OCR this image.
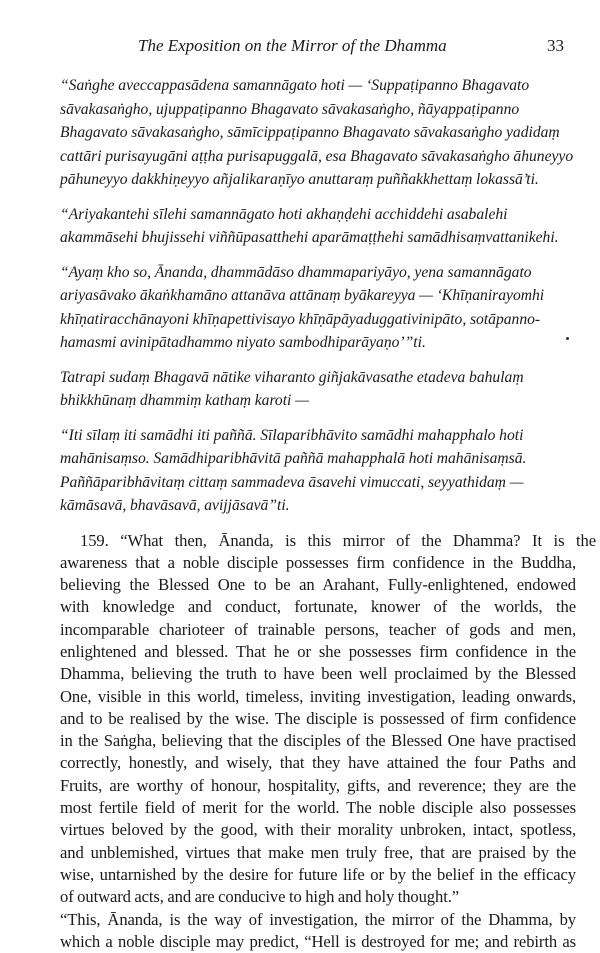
The Exposition on the Mirror of the Dhamma	33

“Saṅghe aveccappasādena samannāgato hoti — ‘Suppaṭipanno Bhagavato
sāvakasaṅgho, ujuppaṭipanno Bhagavato sāvakasaṅgho, ñāyappaṭipanno
Bhagavato sāvakasaṅgho, sāmīcippaṭipanno Bhagavato sāvakasaṅgho yadidaṃ
cattāri purisayugāni aṭṭha purisapuggalā, esa Bhagavato sāvakasaṅgho āhuneyyo
pāhuneyyo dakkhiṇeyyo añjalikaraṇīyo anuttaraṃ puññakkhettaṃ lokassā’ti.

“Ariyakantehi sīlehi samannāgato hoti akhaṇḍehi acchiddehi asabalehi
akammāsehi bhujissehi viññūpasatthehi aparāmaṭṭhehi samādhisaṃvattanikehi.

“Ayaṃ kho so, Ānanda, dhammādāso dhammapariyāyo, yena samannāgato
ariyasāvako ākaṅkhamāno attanāva attānaṃ byākareyya — ‘Khīṇanirayomhi
khīṇatiracchānayoni khīṇapettivisayo khīṇāpāyaduggativinipāto, sotāpanno-
hamasmi avinipātadhammo niyato sambodhiparāyaṇo’”ti.

Tatrapi sudaṃ Bhagavā nātike viharanto giñjakāvasathe etadeva bahulaṃ
bhikkhūnaṃ dhammiṃ kathaṃ karoti —

“Iti sīlaṃ iti samādhi iti paññā. Sīlaparibhāvito samādhi mahapphalo hoti
mahānisaṃso. Samādhiparibhāvitā paññā mahapphalā hoti mahānisaṃsā.
Paññāparibhāvitaṃ cittaṃ sammadeva āsavehi vimuccati, seyyathidaṃ —
kāmāsavā, bhavāsavā, avijjāsavā”ti.

159. “What then, Ānanda, is this mirror of the Dhamma? It is the
awareness that a noble disciple possesses firm confidence in the Buddha,
believing the Blessed One to be an Arahant, Fully-enlightened, endowed
with knowledge and conduct, fortunate, knower of the worlds, the
incomparable charioteer of trainable persons, teacher of gods and men,
enlightened and blessed. That he or she possesses firm confidence in the
Dhamma, believing the truth to have been well proclaimed by the Blessed
One, visible in this world, timeless, inviting investigation, leading onwards,
and to be realised by the wise. The disciple is possessed of firm confidence
in the Saṅgha, believing that the disciples of the Blessed One have practised
correctly, honestly, and wisely, that they have attained the four Paths and
Fruits, are worthy of honour, hospitality, gifts, and reverence; they are the
most fertile field of merit for the world. The noble disciple also possesses
virtues beloved by the good, with their morality unbroken, intact, spotless,
and unblemished, virtues that make men truly free, that are praised by the
wise, untarnished by the desire for future life or by the belief in the efficacy
of outward acts, and are conducive to high and holy thought.”

“This, Ānanda, is the way of investigation, the mirror of the Dhamma, by
which a noble disciple may predict, “Hell is destroyed for me; and rebirth as
